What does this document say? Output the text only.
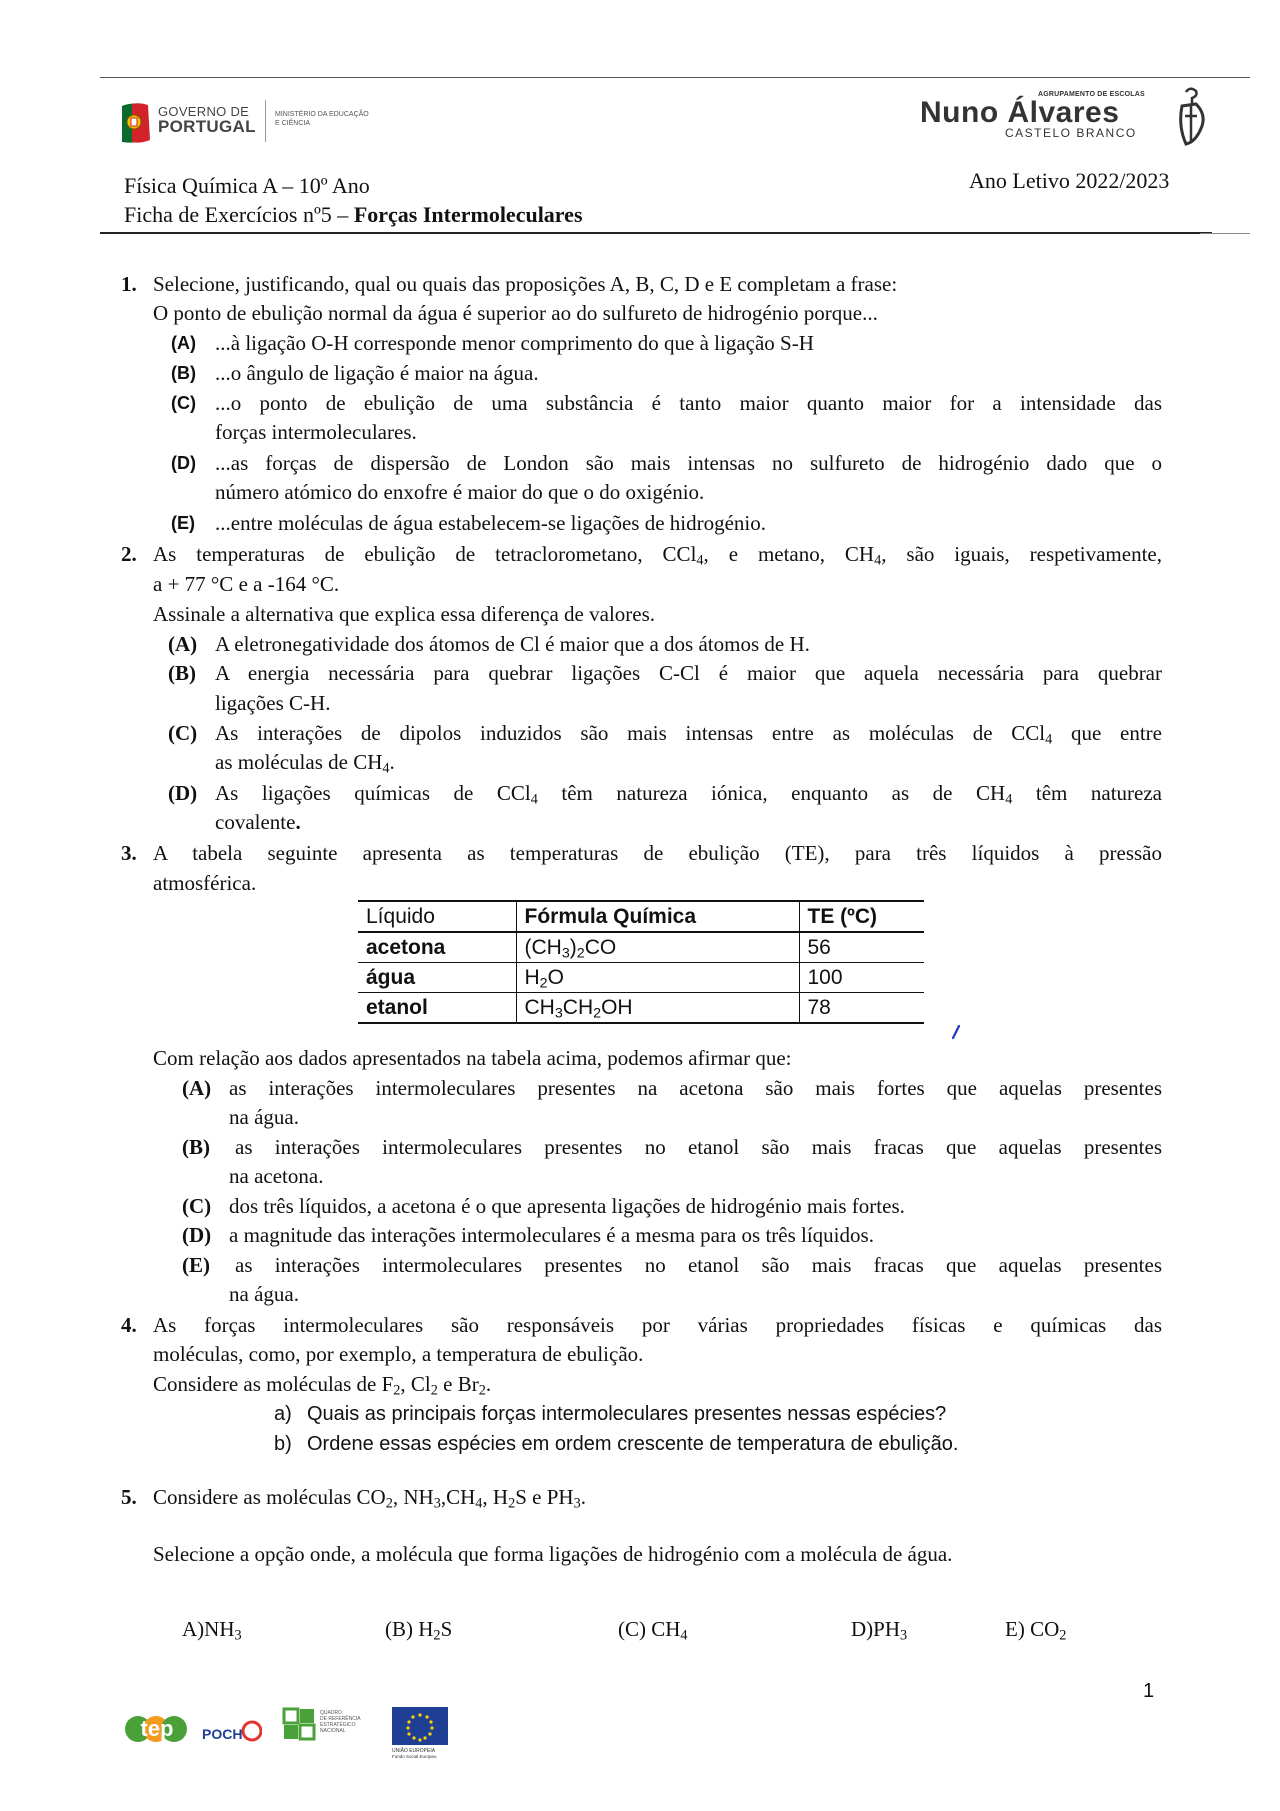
GOVERNO DE
PORTUGAL
MINISTÉRIO DA EDUCAÇÃO
E CIÊNCIA
AGRUPAMENTO DE ESCOLAS
Nuno Álvares
CASTELO BRANCO
Física Química A – 10º Ano
Ficha de Exercícios nº5 – Forças Intermoleculares
Ano Letivo 2022/2023
1. Selecione, justificando, qual ou quais das proposições A, B, C, D e E completam a frase:
O ponto de ebulição normal da água é superior ao do sulfureto de hidrogénio porque...
(A) ...à ligação O-H corresponde menor comprimento do que à ligação S-H
(B) ...o ângulo de ligação é maior na água.
(C) ...o ponto de ebulição de uma substância é tanto maior quanto maior for a intensidade das
forças intermoleculares.
(D) ...as forças de dispersão de London são mais intensas no sulfureto de hidrogénio dado que o
número atómico do enxofre é maior do que o do oxigénio.
(E) ...entre moléculas de água estabelecem-se ligações de hidrogénio.
2. As temperaturas de ebulição de tetraclorometano, CCl$_4$, e metano, $CH_4$, são iguais, respetivamente,
a + 77 °C e a -164 °C.
Assinale a alternativa que explica essa diferença de valores.
(A) A eletronegatividade dos átomos de Cl é maior que a dos átomos de H.
(B) A energia necessária para quebrar ligações C-Cl é maior que aquela necessária para quebrar
ligações C-H.
(C) As interações de dipolos induzidos são mais intensas entre as moléculas de CCl$_4$ que entre
as moléculas de $CH_4$.
(D) As ligações químicas de CCl$_4$ têm natureza iónica, enquanto as de $CH_4$ têm natureza
covalente.
3. A tabela seguinte apresenta as temperaturas de ebulição (TE), para três líquidos à pressão
atmosférica.
Líquido	Fórmula Química	TE (ºC)
acetona	$(CH_3)_2CO$	56
água	$H_2O$	100
etanol	$CH_3CH_2OH$	78
Com relação aos dados apresentados na tabela acima, podemos afirmar que:
(A) as interações intermoleculares presentes na acetona são mais fortes que aquelas presentes
na água.
(B) as interações intermoleculares presentes no etanol são mais fracas que aquelas presentes
na acetona.
(C) dos três líquidos, a acetona é o que apresenta ligações de hidrogénio mais fortes.
(D) a magnitude das interações intermoleculares é a mesma para os três líquidos.
(E) as interações intermoleculares presentes no etanol são mais fracas que aquelas presentes
na água.
4. As forças intermoleculares são responsáveis por várias propriedades físicas e químicas das
moléculas, como, por exemplo, a temperatura de ebulição.
Considere as moléculas de $F_2$, $Cl_2$ e $Br_2$.
a) Quais as principais forças intermoleculares presentes nessas espécies?
b) Ordene essas espécies em ordem crescente de temperatura de ebulição.
5. Considere as moléculas $CO_2$, $NH_3,CH_4$, $H_2S$ e $PH_3$.
Selecione a opção onde, a molécula que forma ligações de hidrogénio com a molécula de água.
$A)NH_3$	(B) $H_2S$	(C) $CH_4$	$D)PH_3$	E) $CO_2$
1
tep POCH
QUADRO DE REFERÊNCIA ESTRATÉGICO NACIONAL
UNIÃO EUROPEIA
Fundo Social Europeu
